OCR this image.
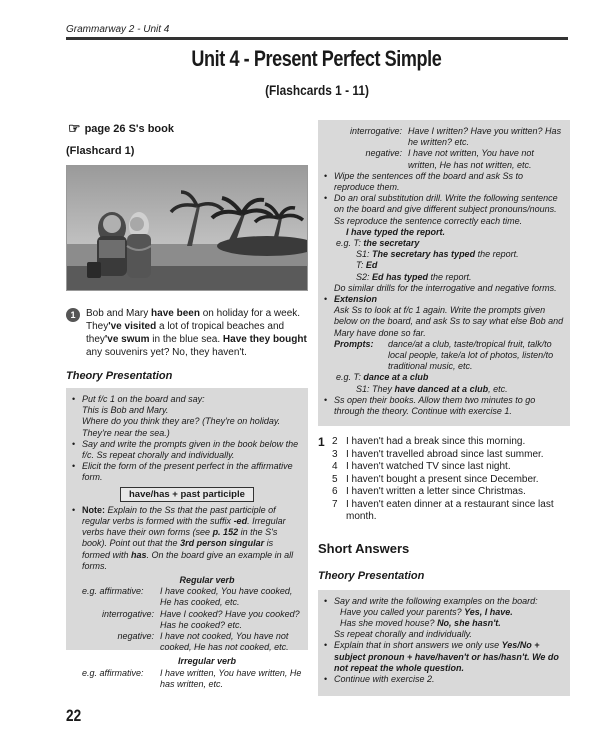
Grammarway 2 - Unit 4
Unit 4 - Present Perfect Simple
(Flashcards 1 - 11)
☞ page 26 S's book
(Flashcard 1)
1	Bob and Mary have been on holiday for a week. They've visited a lot of tropical beaches and they've swum in the blue sea. Have they bought any souvenirs yet? No, they haven't.
Theory Presentation
• Put f/c 1 on the board and say:
This is Bob and Mary.
Where do you think they are? (They're on holiday. They're near the sea.)
• Say and write the prompts given in the book below the f/c. Ss repeat chorally and individually.
• Elicit the form of the present perfect in the affirmative form.
have/has + past participle
• Note: Explain to the Ss that the past participle of regular verbs is formed with the suffix -ed. Irregular verbs have their own forms (see p. 152 in the S's book). Point out that the 3rd person singular is formed with has. On the board give an example in all forms.
Regular verb
e.g. affirmative:	I have cooked, You have cooked, He has cooked, etc.
interrogative: Have I cooked? Have you cooked? Has he cooked? etc.
negative: I have not cooked, You have not cooked, He has not cooked, etc.
Irregular verb
e.g. affirmative:	I have written, You have written, He has written, etc.
interrogative: Have I written? Have you written? Has he written? etc.
negative: I have not written, You have not written, He has not written, etc.
• Wipe the sentences off the board and ask Ss to reproduce them.
• Do an oral substitution drill. Write the following sentence on the board and give different subject pronouns/nouns. Ss reproduce the sentence correctly each time.
I have typed the report.
e.g. T: the secretary
S1: The secretary has typed the report.
T: Ed
S2: Ed has typed the report.
Do similar drills for the interrogative and negative forms.
• Extension
Ask Ss to look at f/c 1 again. Write the prompts given below on the board, and ask Ss to say what else Bob and Mary have done so far.
Prompts:	dance/at a club, taste/tropical fruit, talk/to local people, take/a lot of photos, listen/to traditional music, etc.
e.g. T: dance at a club
S1: They have danced at a club, etc.
• Ss open their books. Allow them two minutes to go through the theory. Continue with exercise 1.
1 2 I haven't had a break since this morning.
3 I haven't travelled abroad since last summer.
4 I haven't watched TV since last night.
5 I haven't bought a present since December.
6 I haven't written a letter since Christmas.
7 I haven't eaten dinner at a restaurant since last month.
Short Answers
Theory Presentation
• Say and write the following examples on the board:
Have you called your parents? Yes, I have.
Has she moved house? No, she hasn't.
Ss repeat chorally and individually.
• Explain that in short answers we only use Yes/No + subject pronoun + have/haven't or has/hasn't. We do not repeat the whole question.
• Continue with exercise 2.
22
